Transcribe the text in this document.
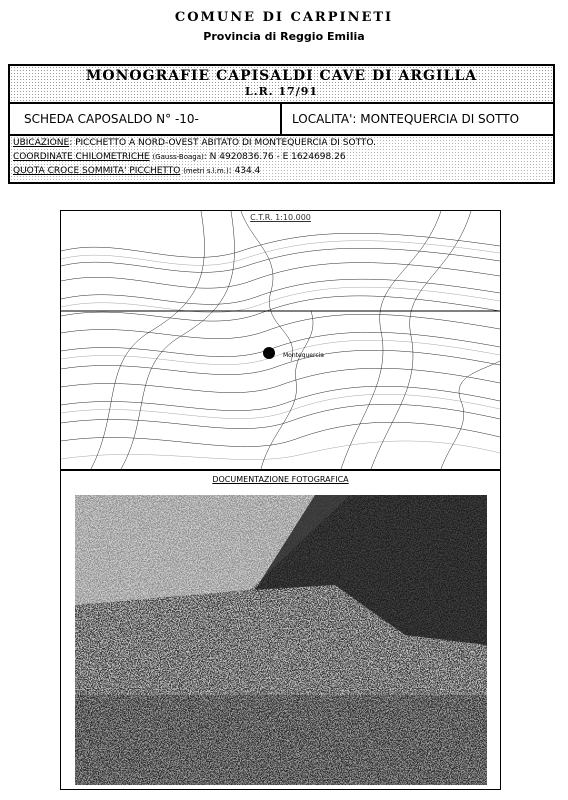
COMUNE DI CARPINETI
Provincia di Reggio Emilia
MONOGRAFIE CAPISALDI CAVE DI ARGILLA
L.R. 17/91
SCHEDA CAPOSALDO N° -10-	LOCALITA': MONTEQUERCIA DI SOTTO
UBICAZIONE: PICCHETTO A NORD-OVEST ABITATO DI MONTEQUERCIA DI SOTTO.
COORDINATE CHILOMETRICHE (Gauss-Boaga): N 4920836.76 - E 1624698.26
QUOTA CROCE SOMMITA' PICCHETTO (metri s.l.m.): 434.4
Montequercia
C.T.R. 1:10.000
DOCUMENTAZIONE FOTOGRAFICA
